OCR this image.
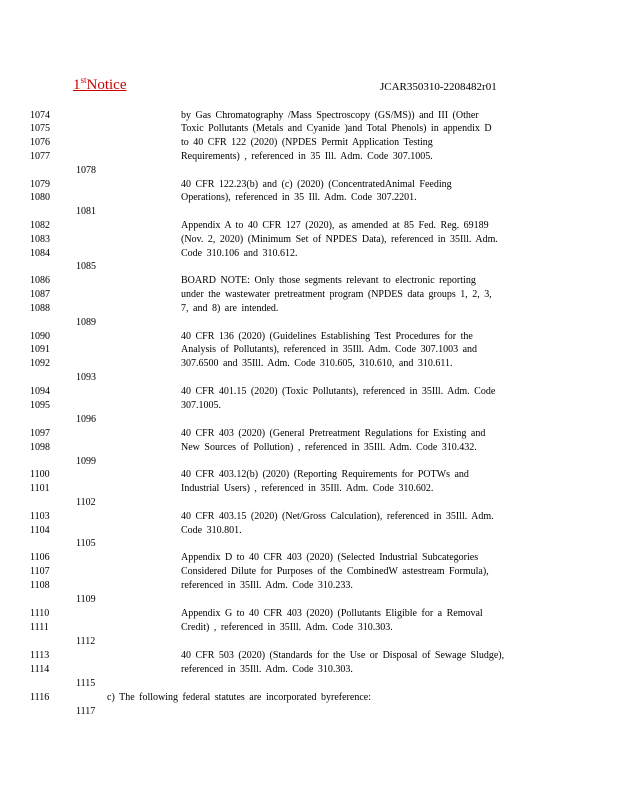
1stNotice	JCAR350310-2208482r01
1074	by Gas Chromatography /Mass Spectroscopy (GS/MS)) and III (Other
1075	Toxic Pollutants (Metals and Cyanide )and Total Phenols) in appendix D
1076	to 40 CFR 122 (2020) (NPDES Permit Application Testing
1077	Requirements) , referenced in 35 Ill. Adm. Code 307.1005.
1078
1079	40 CFR 122.23(b) and (c) (2020) (ConcentratedAnimal Feeding
1080	Operations), referenced in 35 Ill. Adm. Code 307.2201.
1081
1082	Appendix A to 40 CFR 127 (2020), as amended at 85 Fed. Reg. 69189
1083	(Nov. 2, 2020) (Minimum Set of NPDES Data), referenced in 35Ill. Adm.
1084	Code 310.106 and 310.612.
1085
1086	BOARD NOTE: Only those segments relevant to electronic reporting
1087	under the wastewater pretreatment program (NPDES data groups 1, 2, 3,
1088	7, and 8) are intended.
1089
1090	40 CFR 136 (2020) (Guidelines Establishing Test Procedures for the
1091	Analysis of Pollutants), referenced in 35Ill. Adm. Code 307.1003 and
1092	307.6500 and 35Ill. Adm. Code 310.605, 310.610, and 310.611.
1093
1094	40 CFR 401.15 (2020) (Toxic Pollutants), referenced in 35Ill. Adm. Code
1095	307.1005.
1096
1097	40 CFR 403 (2020) (General Pretreatment Regulations for Existing and
1098	New Sources of Pollution) , referenced in 35Ill. Adm. Code 310.432.
1099
1100	40 CFR 403.12(b) (2020) (Reporting Requirements for POTWs and
1101	Industrial Users) , referenced in 35Ill. Adm. Code 310.602.
1102
1103	40 CFR 403.15 (2020) (Net/Gross Calculation), referenced in 35Ill. Adm.
1104	Code 310.801.
1105
1106	Appendix D to 40 CFR 403 (2020) (Selected Industrial Subcategories
1107	Considered Dilute for Purposes of the CombinedW astestream Formula),
1108	referenced in 35Ill. Adm. Code 310.233.
1109
1110	Appendix G to 40 CFR 403 (2020) (Pollutants Eligible for a Removal
1111	Credit) , referenced in 35Ill. Adm. Code 310.303.
1112
1113	40 CFR 503 (2020) (Standards for the Use or Disposal of Sewage Sludge),
1114	referenced in 35Ill. Adm. Code 310.303.
1115
1116	c) The following federal statutes are incorporated byreference:
1117
